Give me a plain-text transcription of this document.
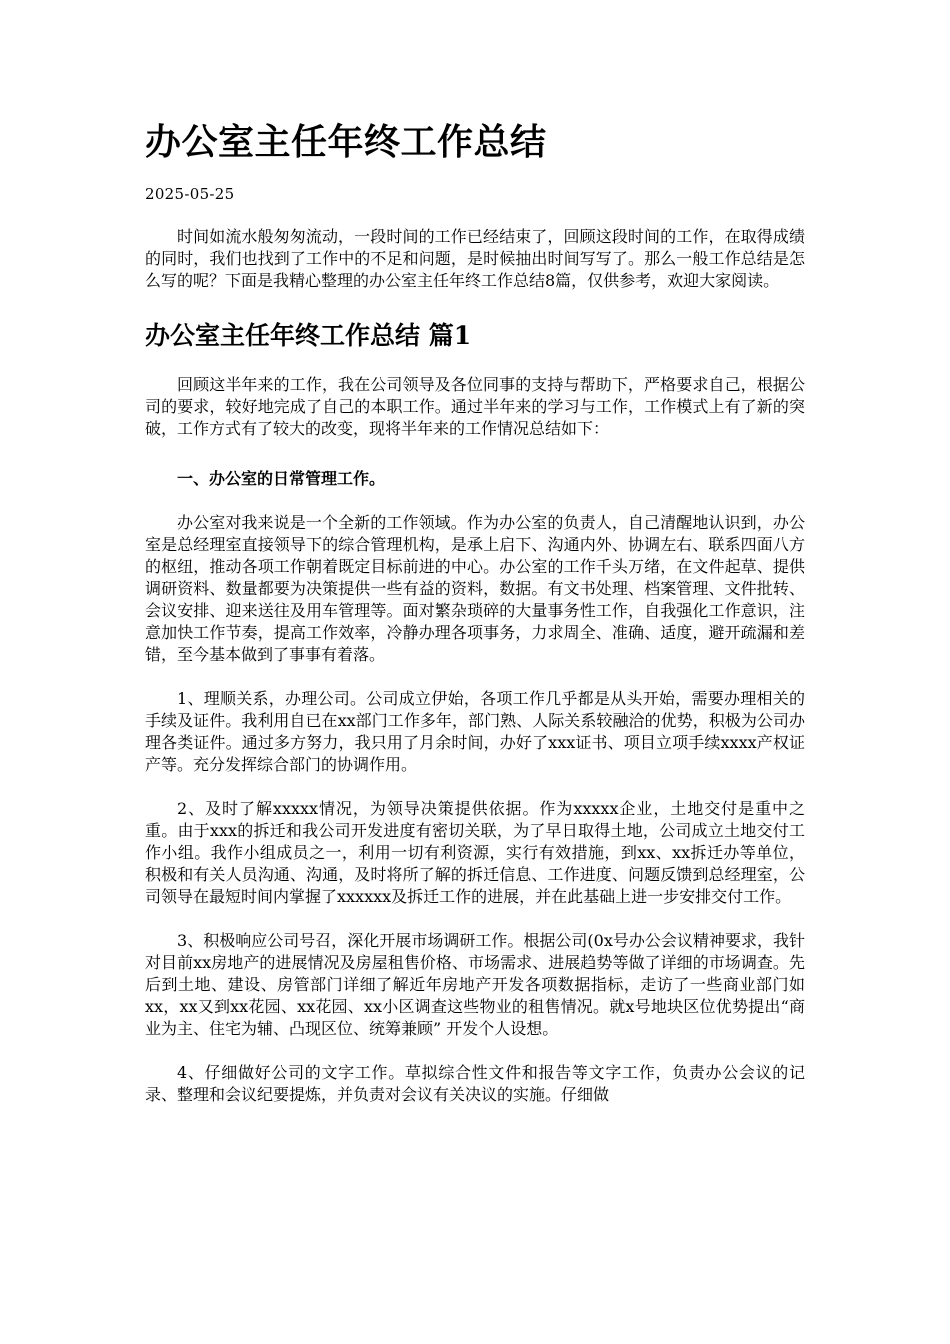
办公室主任年终工作总结
2025-05-25

时间如流水般匆匆流动，一段时间的工作已经结束了，回顾这段时间的工作，在取得成绩的同时，我们也找到了工作中的不足和问题，是时候抽出时间写写了。那么一般工作总结是怎么写的呢？下面是我精心整理的办公室主任年终工作总结8篇，仅供参考，欢迎大家阅读。

办公室主任年终工作总结 篇1

回顾这半年来的工作，我在公司领导及各位同事的支持与帮助下，严格要求自己，根据公司的要求，较好地完成了自己的本职工作。通过半年来的学习与工作，工作模式上有了新的突破，工作方式有了较大的改变，现将半年来的工作情况总结如下：

一、办公室的日常管理工作。

办公室对我来说是一个全新的工作领域。作为办公室的负责人，自己清醒地认识到，办公室是总经理室直接领导下的综合管理机构，是承上启下、沟通内外、协调左右、联系四面八方的枢纽，推动各项工作朝着既定目标前进的中心。办公室的工作千头万绪，在文件起草、提供调研资料、数量都要为决策提供一些有益的资料，数据。有文书处理、档案管理、文件批转、会议安排、迎来送往及用车管理等。面对繁杂琐碎的大量事务性工作，自我强化工作意识，注意加快工作节奏，提高工作效率，冷静办理各项事务，力求周全、准确、适度，避开疏漏和差错，至今基本做到了事事有着落。

1、理顺关系，办理公司。公司成立伊始，各项工作几乎都是从头开始，需要办理相关的手续及证件。我利用自已在xx部门工作多年，部门熟、人际关系较融洽的优势，积极为公司办理各类证件。通过多方努力，我只用了月余时间，办好了xxx证书、项目立项手续xxxx产权证产等。充分发挥综合部门的协调作用。

2、及时了解xxxxx情况，为领导决策提供依据。作为xxxxx企业，土地交付是重中之重。由于xxx的拆迁和我公司开发进度有密切关联，为了早日取得土地，公司成立土地交付工作小组。我作小组成员之一，利用一切有利资源，实行有效措施，到xx、xx拆迁办等单位，积极和有关人员沟通、沟通，及时将所了解的拆迁信息、工作进度、问题反馈到总经理室，公司领导在最短时间内掌握了xxxxxx及拆迁工作的进展，并在此基础上进一步安排交付工作。

3、积极响应公司号召，深化开展市场调研工作。根据公司(0x号办公会议精神要求，我针对目前xx房地产的进展情况及房屋租售价格、市场需求、进展趋势等做了详细的市场调查。先后到土地、建设、房管部门详细了解近年房地产开发各项数据指标，走访了一些商业部门如xx，xx又到xx花园、xx花园、xx小区调查这些物业的租售情况。就x号地块区位优势提出“商业为主、住宅为辅、凸现区位、统筹兼顾” 开发个人设想。

4、仔细做好公司的文字工作。草拟综合性文件和报告等文字工作，负责办公会议的记录、整理和会议纪要提炼，并负责对会议有关决议的实施。仔细做
